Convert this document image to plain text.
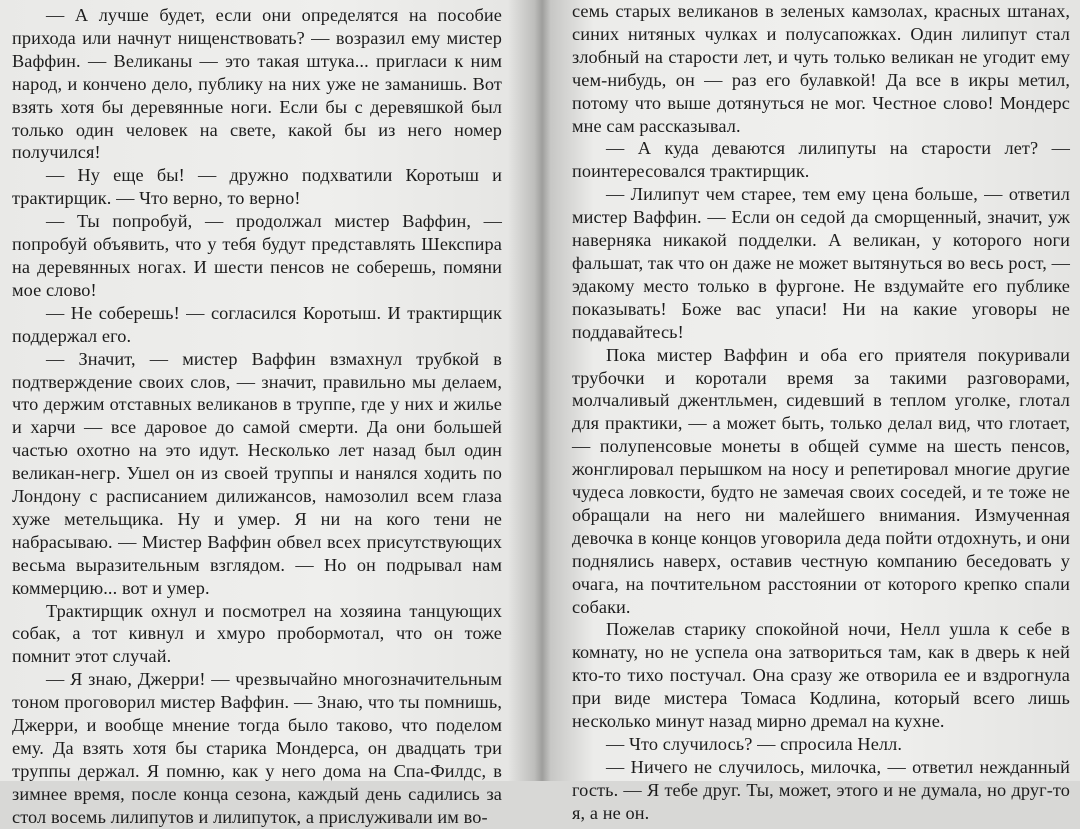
— А лучше будет, если они определятся на пособие прихода или начнут нищенствовать? — возразил ему мистер Ваффин. — Великаны — это такая штука... пригласи к ним народ, и кончено дело, публику на них уже не заманишь. Вот взять хотя бы деревянные ноги. Если бы с деревяшкой был только один человек на свете, какой бы из него номер получился!

— Ну еще бы! — дружно подхватили Коротыш и трактирщик. — Что верно, то верно!

— Ты попробуй, — продолжал мистер Ваффин, — попробуй объявить, что у тебя будут представлять Шекспира на деревянных ногах. И шести пенсов не соберешь, помяни мое слово!

— Не соберешь! — согласился Коротыш. И трактирщик поддержал его.

— Значит, — мистер Ваффин взмахнул трубкой в подтверждение своих слов, — значит, правильно мы делаем, что держим отставных великанов в труппе, где у них и жилье и харчи — все даровое до самой смерти. Да они большей частью охотно на это идут. Несколько лет назад был один великан-негр. Ушел он из своей труппы и нанялся ходить по Лондону с расписанием дилижансов, намозолил всем глаза хуже метельщика. Ну и умер. Я ни на кого тени не набрасываю. — Мистер Ваффин обвел всех присутствующих весьма выразительным взглядом. — Но он подрывал нам коммерцию... вот и умер.

Трактирщик охнул и посмотрел на хозяина танцующих собак, а тот кивнул и хмуро пробормотал, что он тоже помнит этот случай.

— Я знаю, Джерри! — чрезвычайно многозначительным тоном проговорил мистер Ваффин. — Знаю, что ты помнишь, Джерри, и вообще мнение тогда было таково, что поделом ему. Да взять хотя бы старика Мондерса, он двадцать три труппы держал. Я помню, как у него дома на Спа-Филдс, в зимнее время, после конца сезона, каждый день садились за стол восемь лилипутов и лилипуток, а прислуживали им во-

семь старых великанов в зеленых камзолах, красных штанах, синих нитяных чулках и полусапожках. Один лилипут стал злобный на старости лет, и чуть только великан не угодит ему чем-нибудь, он — раз его булавкой! Да все в икры метил, потому что выше дотянуться не мог. Честное слово! Мондерс мне сам рассказывал.

— А куда деваются лилипуты на старости лет? — поинтересовался трактирщик.

— Лилипут чем старее, тем ему цена больше, — ответил мистер Ваффин. — Если он седой да сморщенный, значит, уж наверняка никакой подделки. А великан, у которого ноги фальшат, так что он даже не может вытянуться во весь рост, — эдакому место только в фургоне. Не вздумайте его публике показывать! Боже вас упаси! Ни на какие уговоры не поддавайтесь!

Пока мистер Ваффин и оба его приятеля покуривали трубочки и коротали время за такими разговорами, молчаливый джентльмен, сидевший в теплом уголке, глотал для практики, — а может быть, только делал вид, что глотает, — полупенсовые монеты в общей сумме на шесть пенсов, жонглировал перышком на носу и репетировал многие другие чудеса ловкости, будто не замечая своих соседей, и те тоже не обращали на него ни малейшего внимания. Измученная девочка в конце концов уговорила деда пойти отдохнуть, и они поднялись наверх, оставив честную компанию беседовать у очага, на почтительном расстоянии от которого крепко спали собаки.

Пожелав старику спокойной ночи, Нелл ушла к себе в комнату, но не успела она затвориться там, как в дверь к ней кто-то тихо постучал. Она сразу же отворила ее и вздрогнула при виде мистера Томаса Кодлина, который всего лишь несколько минут назад мирно дремал на кухне.

— Что случилось? — спросила Нелл.

— Ничего не случилось, милочка, — ответил нежданный гость. — Я тебе друг. Ты, может, этого и не думала, но друг-то я, а не он.
